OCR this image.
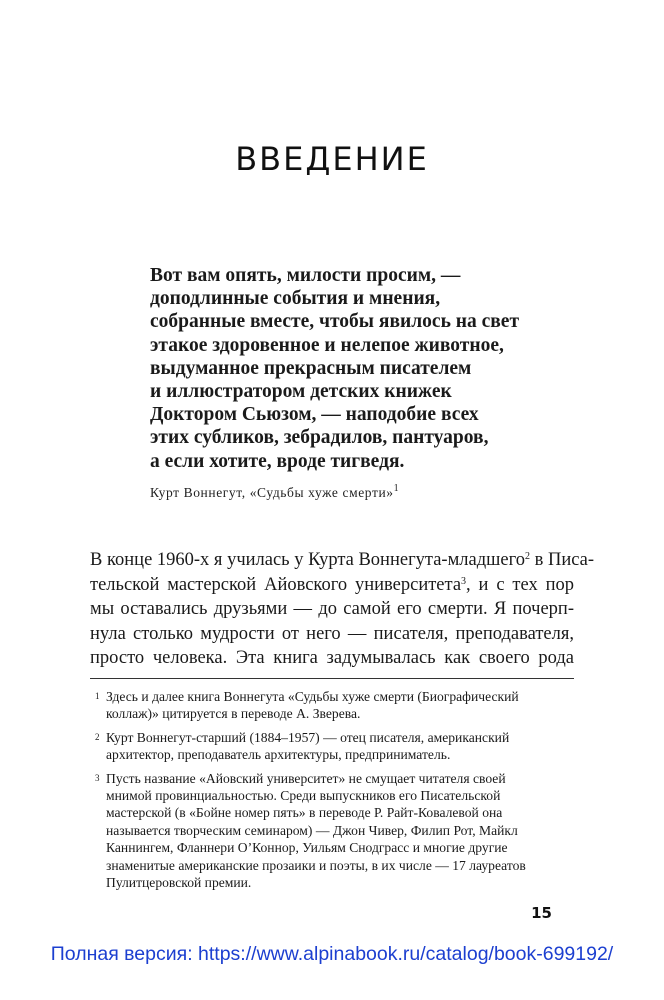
ВВЕДЕНИЕ
Вот вам опять, милости просим, —
доподлинные события и мнения,
собранные вместе, чтобы явилось на свет
этакое здоровенное и нелепое животное,
выдуманное прекрасным писателем
и иллюстратором детских книжек
Доктором Сьюзом, — наподобие всех
этих субликов, зебрадилов, пантуаров,
а если хотите, вроде тигведя.
Курт Воннегут, «Судьбы хуже смерти»$^1$
В конце 1960-х я училась у Курта Воннегута-младшего$^2$ в Писа-
тельской мастерской Айовского университета$^3$, и с тех пор
мы оставались друзьями — до самой его смерти. Я почерп-
нула столько мудрости от него — писателя, преподавателя,
просто человека. Эта книга задумывалась как своего рода
1 Здесь и далее книга Воннегута «Судьбы хуже смерти (Биографический
коллаж)» цитируется в переводе А. Зверева.
2 Курт Воннегут-старший (1884–1957) — отец писателя, американский
архитектор, преподаватель архитектуры, предприниматель.
3 Пусть название «Айовский университет» не смущает читателя своей
мнимой провинциальностью. Среди выпускников его Писательской
мастерской (в «Бойне номер пять» в переводе Р. Райт-Ковалевой она
называется творческим семинаром) — Джон Чивер, Филип Рот, Майкл
Каннингем, Фланнери О’Коннор, Уильям Снодграсс и многие другие
знаменитые американские прозаики и поэты, в их числе — 17 лауреатов
Пулитцеровской премии.
15
Полная версия: https://www.alpinabook.ru/catalog/book-699192/
